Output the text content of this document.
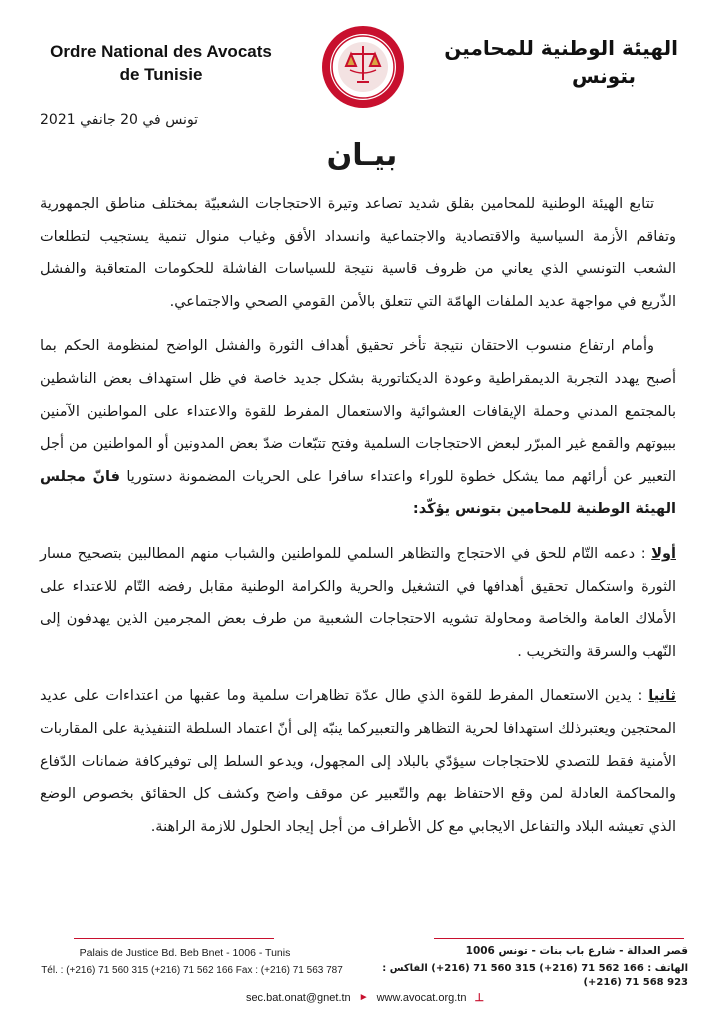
Ordre National des Avocats
de Tunisie
الهيئة الوطنية للمحامين
بتونس
تونس في 20 جانفي 2021
بيـان

تتابع الهيئة الوطنية للمحامين بقلق شديد تصاعد وتيرة الاحتجاجات الشعبيّة بمختلف مناطق الجمهورية وتفاقم الأزمة السياسية والاقتصادية والاجتماعية وانسداد الأفق وغياب منوال تنمية يستجيب لتطلعات الشعب التونسي الذي يعاني من ظروف قاسية نتيجة للسياسات الفاشلة للحكومات المتعاقبة والفشل الذّريع في مواجهة عديد الملفات الهامّة التي تتعلق بالأمن القومي الصحي والاجتماعي.

وأمام ارتفاع منسوب الاحتقان نتيجة تأخر تحقيق أهداف الثورة والفشل الواضح لمنظومة الحكم بما أصبح يهدد التجربة الديمقراطية وعودة الديكتاتورية بشكل جديد خاصة في ظل استهداف بعض الناشطين بالمجتمع المدني وحملة الإيقافات العشوائية والاستعمال المفرط للقوة والاعتداء على المواطنين الآمنين ببيوتهم والقمع غير المبرّر لبعض الاحتجاجات السلمية وفتح تتبّعات ضدّ بعض المدونين أو المواطنين من أجل التعبير عن أرائهم مما يشكل خطوة للوراء واعتداء سافرا على الحريات المضمونة دستوريا فانّ مجلس الهيئة الوطنية للمحامين بتونس يؤكّد:

أولا : دعمه التّام للحق في الاحتجاج والتظاهر السلمي للمواطنين والشباب منهم المطالبين بتصحيح مسار الثورة واستكمال تحقيق أهدافها في التشغيل والحرية والكرامة الوطنية مقابل رفضه التّام للاعتداء على الأملاك العامة والخاصة ومحاولة تشويه الاحتجاجات الشعبية من طرف بعض المجرمين الذين يهدفون إلى النّهب والسرقة والتخريب .

ثانيا : يدين الاستعمال المفرط للقوة الذي طال عدّة تظاهرات سلمية وما عقبها من اعتداءات على عديد المحتجين ويعتبرذلك استهدافا لحرية التظاهر والتعبيركما ينبّه إلى أنّ اعتماد السلطة التنفيذية على المقاربات الأمنية فقط للتصدي للاحتجاجات سيؤدّي بالبلاد إلى المجهول، ويدعو السلط إلى توفيركافة ضمانات الدّفاع والمحاكمة العادلة لمن وقع الاحتفاظ بهم والتّعبير عن موقف واضح وكشف كل الحقائق بخصوص الوضع الذي تعيشه البلاد والتفاعل الايجابي مع كل الأطراف من أجل إيجاد الحلول للازمة الراهنة.

Palais de Justice Bd. Beb Bnet - 1006 - Tunis
Tél. : (+216) 71 560 315 (+216) 71 562 166 Fax : (+216) 71 563 787
قصر العدالة - شارع باب بنات - تونس 1006
الهاتف : 166 562 71 (216+) 315 560 71 (216+) الفاكس : 923 568 71 (216+)
sec.bat.onat@gnet.tn ► www.avocat.org.tn ⊥
